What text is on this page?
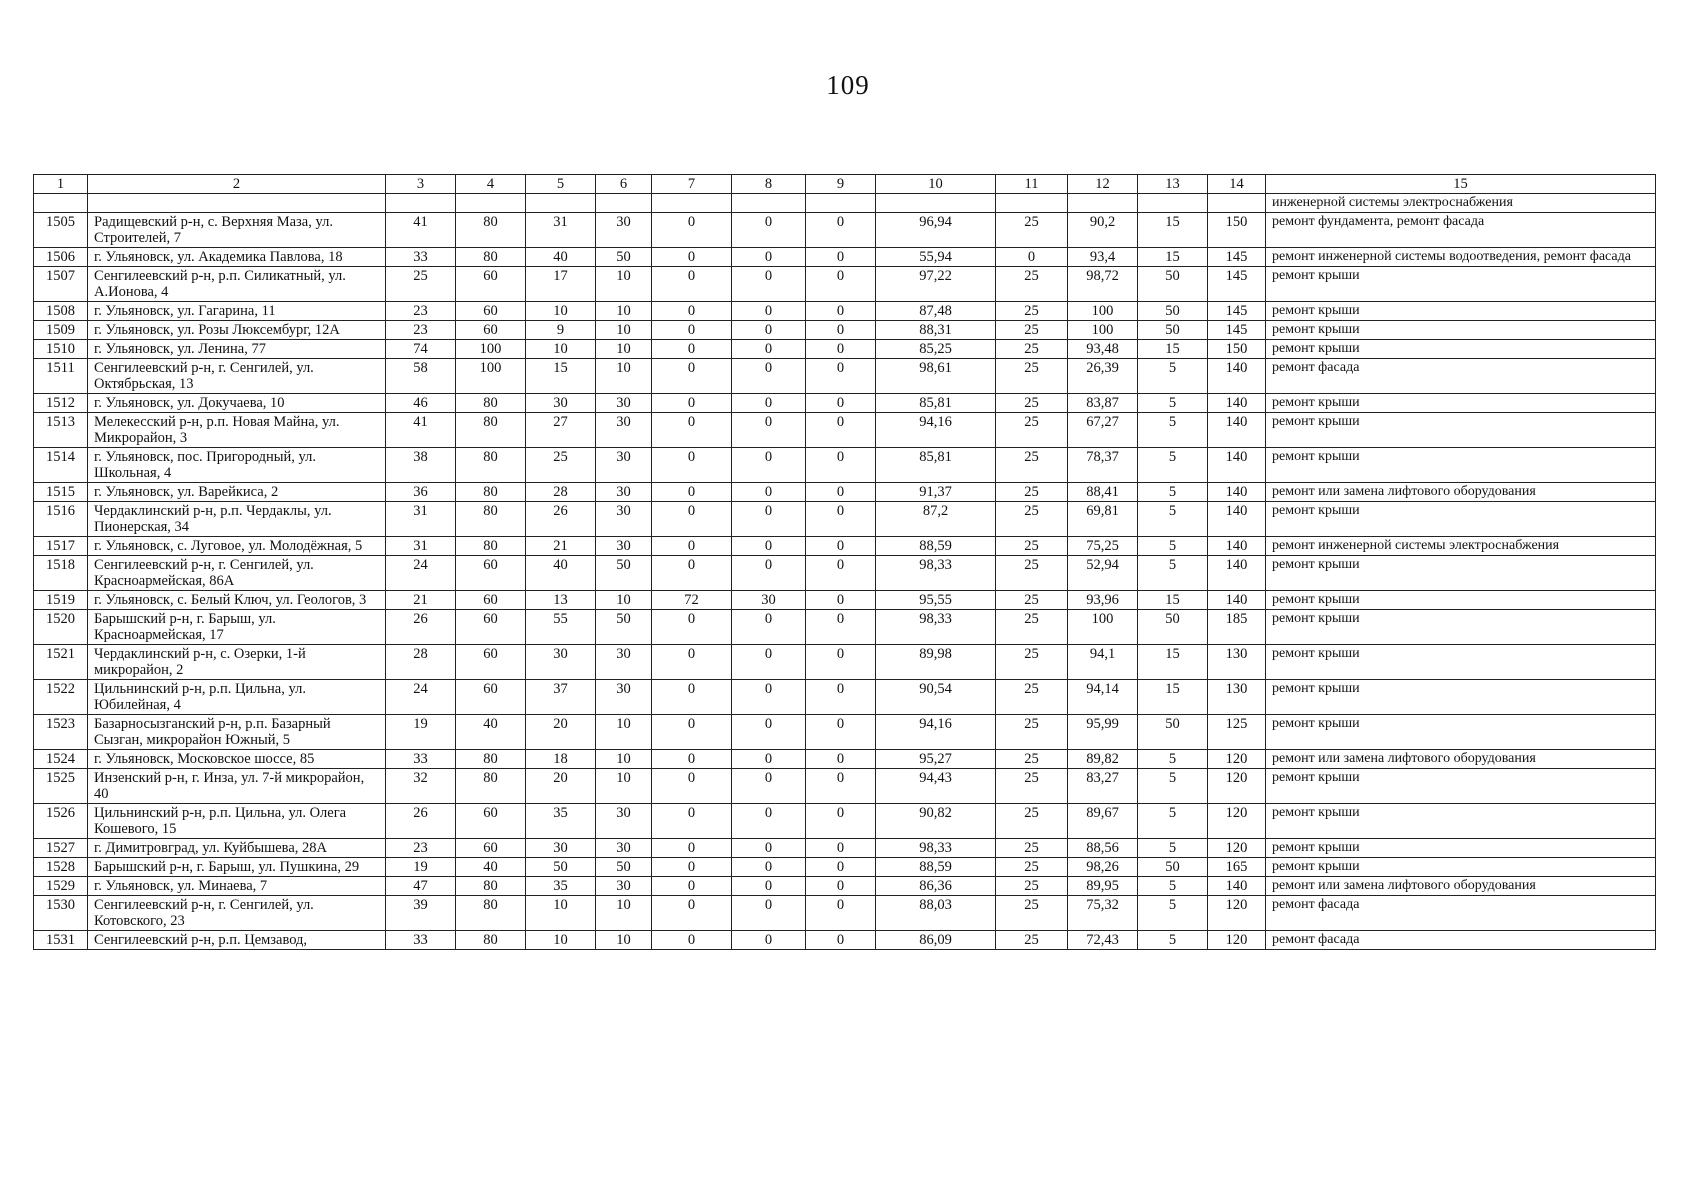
109
1	2	3	4	5	6	7	8	9	10	11	12	13	14	15
														инженерной системы электроснабжения
1505	Радищевский р-н, с. Верхняя Маза, ул. Строителей, 7	41	80	31	30	0	0	0	96,94	25	90,2	15	150	ремонт фундамента, ремонт фасада
1506	г. Ульяновск, ул. Академика Павлова, 18	33	80	40	50	0	0	0	55,94	0	93,4	15	145	ремонт инженерной системы водоотведения, ремонт фасада
1507	Сенгилеевский р-н, р.п. Силикатный, ул. А.Ионова, 4	25	60	17	10	0	0	0	97,22	25	98,72	50	145	ремонт крыши
1508	г. Ульяновск, ул. Гагарина, 11	23	60	10	10	0	0	0	87,48	25	100	50	145	ремонт крыши
1509	г. Ульяновск, ул. Розы Люксембург, 12А	23	60	9	10	0	0	0	88,31	25	100	50	145	ремонт крыши
1510	г. Ульяновск, ул. Ленина, 77	74	100	10	10	0	0	0	85,25	25	93,48	15	150	ремонт крыши
1511	Сенгилеевский р-н, г. Сенгилей, ул. Октябрьская, 13	58	100	15	10	0	0	0	98,61	25	26,39	5	140	ремонт фасада
1512	г. Ульяновск, ул. Докучаева, 10	46	80	30	30	0	0	0	85,81	25	83,87	5	140	ремонт крыши
1513	Мелекесский р-н, р.п. Новая Майна, ул. Микрорайон, 3	41	80	27	30	0	0	0	94,16	25	67,27	5	140	ремонт крыши
1514	г. Ульяновск, пос. Пригородный, ул. Школьная, 4	38	80	25	30	0	0	0	85,81	25	78,37	5	140	ремонт крыши
1515	г. Ульяновск, ул. Варейкиса, 2	36	80	28	30	0	0	0	91,37	25	88,41	5	140	ремонт или замена лифтового оборудования
1516	Чердаклинский р-н, р.п. Чердаклы, ул. Пионерская, 34	31	80	26	30	0	0	0	87,2	25	69,81	5	140	ремонт крыши
1517	г. Ульяновск, с. Луговое, ул. Молодёжная, 5	31	80	21	30	0	0	0	88,59	25	75,25	5	140	ремонт инженерной системы электроснабжения
1518	Сенгилеевский р-н, г. Сенгилей, ул. Красноармейская, 86А	24	60	40	50	0	0	0	98,33	25	52,94	5	140	ремонт крыши
1519	г. Ульяновск, с. Белый Ключ, ул. Геологов, 3	21	60	13	10	72	30	0	95,55	25	93,96	15	140	ремонт крыши
1520	Барышский р-н, г. Барыш, ул. Красноармейская, 17	26	60	55	50	0	0	0	98,33	25	100	50	185	ремонт крыши
1521	Чердаклинский р-н, с. Озерки, 1-й микрорайон, 2	28	60	30	30	0	0	0	89,98	25	94,1	15	130	ремонт крыши
1522	Цильнинский р-н, р.п. Цильна, ул. Юбилейная, 4	24	60	37	30	0	0	0	90,54	25	94,14	15	130	ремонт крыши
1523	Базарносызганский р-н, р.п. Базарный Сызган, микрорайон Южный, 5	19	40	20	10	0	0	0	94,16	25	95,99	50	125	ремонт крыши
1524	г. Ульяновск, Московское шоссе, 85	33	80	18	10	0	0	0	95,27	25	89,82	5	120	ремонт или замена лифтового оборудования
1525	Инзенский р-н, г. Инза, ул. 7-й микрорайон, 40	32	80	20	10	0	0	0	94,43	25	83,27	5	120	ремонт крыши
1526	Цильнинский р-н, р.п. Цильна, ул. Олега Кошевого, 15	26	60	35	30	0	0	0	90,82	25	89,67	5	120	ремонт крыши
1527	г. Димитровград, ул. Куйбышева, 28А	23	60	30	30	0	0	0	98,33	25	88,56	5	120	ремонт крыши
1528	Барышский р-н, г. Барыш, ул. Пушкина, 29	19	40	50	50	0	0	0	88,59	25	98,26	50	165	ремонт крыши
1529	г. Ульяновск, ул. Минаева, 7	47	80	35	30	0	0	0	86,36	25	89,95	5	140	ремонт или замена лифтового оборудования
1530	Сенгилеевский р-н, г. Сенгилей, ул. Котовского, 23	39	80	10	10	0	0	0	88,03	25	75,32	5	120	ремонт фасада
1531	Сенгилеевский р-н, р.п. Цемзавод,	33	80	10	10	0	0	0	86,09	25	72,43	5	120	ремонт фасада
